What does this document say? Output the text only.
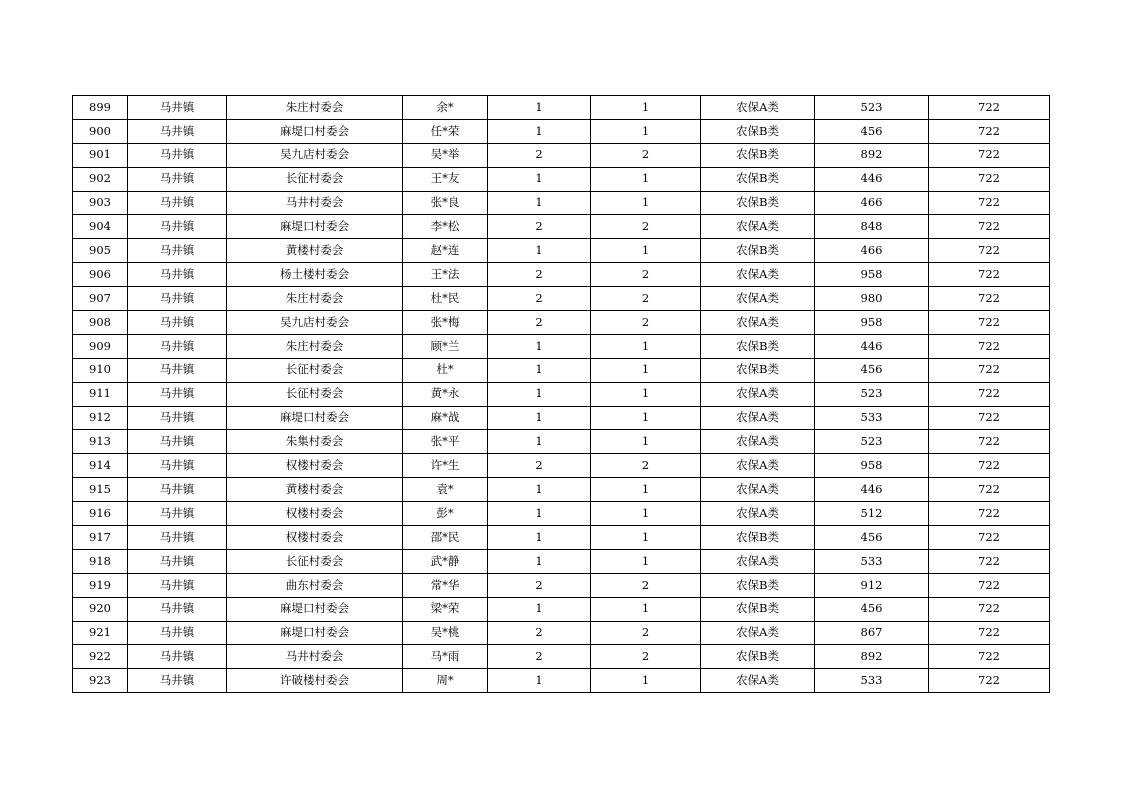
899	马井镇	朱庄村委会	余*	1	1	农保A类	523	722
900	马井镇	麻堤口村委会	任*荣	1	1	农保B类	456	722
901	马井镇	吴九店村委会	吴*举	2	2	农保B类	892	722
902	马井镇	长征村委会	王*友	1	1	农保B类	446	722
903	马井镇	马井村委会	张*良	1	1	农保B类	466	722
904	马井镇	麻堤口村委会	李*松	2	2	农保A类	848	722
905	马井镇	黄楼村委会	赵*连	1	1	农保B类	466	722
906	马井镇	杨土楼村委会	王*法	2	2	农保A类	958	722
907	马井镇	朱庄村委会	杜*民	2	2	农保A类	980	722
908	马井镇	吴九店村委会	张*梅	2	2	农保A类	958	722
909	马井镇	朱庄村委会	顾*兰	1	1	农保B类	446	722
910	马井镇	长征村委会	杜*	1	1	农保B类	456	722
911	马井镇	长征村委会	黄*永	1	1	农保A类	523	722
912	马井镇	麻堤口村委会	麻*战	1	1	农保A类	533	722
913	马井镇	朱集村委会	张*平	1	1	农保A类	523	722
914	马井镇	权楼村委会	许*生	2	2	农保A类	958	722
915	马井镇	黄楼村委会	袁*	1	1	农保A类	446	722
916	马井镇	权楼村委会	彭*	1	1	农保A类	512	722
917	马井镇	权楼村委会	邵*民	1	1	农保B类	456	722
918	马井镇	长征村委会	武*静	1	1	农保A类	533	722
919	马井镇	曲东村委会	常*华	2	2	农保B类	912	722
920	马井镇	麻堤口村委会	梁*荣	1	1	农保B类	456	722
921	马井镇	麻堤口村委会	吴*桃	2	2	农保A类	867	722
922	马井镇	马井村委会	马*雨	2	2	农保B类	892	722
923	马井镇	许破楼村委会	周*	1	1	农保A类	533	722
